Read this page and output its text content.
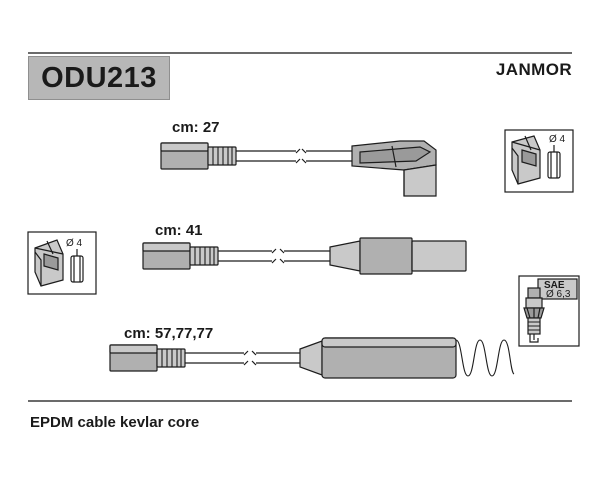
ODU213	JANMOR
cm: 27
cm: 41
cm: 57,77,77
Ø 4
Ø 4
SAE
Ø 6,3
EPDM cable kevlar core
